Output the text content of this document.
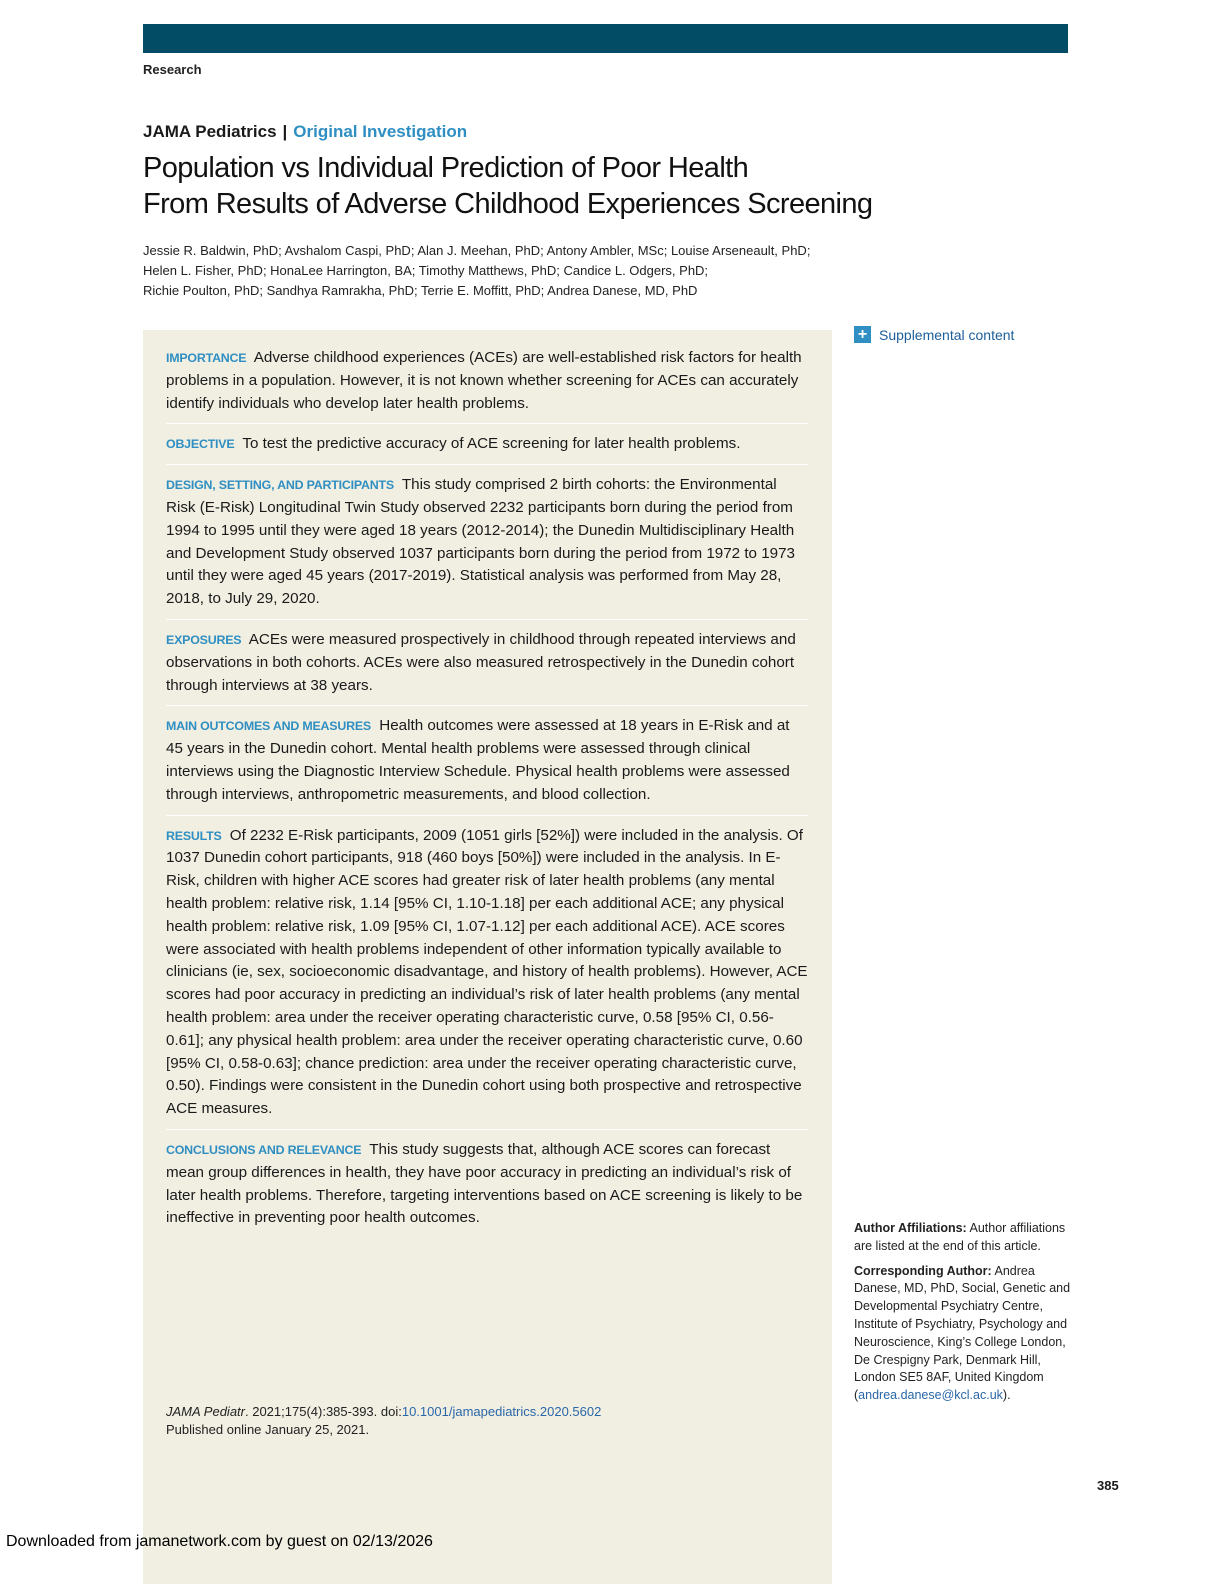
Research
JAMA Pediatrics | Original Investigation
Population vs Individual Prediction of Poor Health
From Results of Adverse Childhood Experiences Screening
Jessie R. Baldwin, PhD; Avshalom Caspi, PhD; Alan J. Meehan, PhD; Antony Ambler, MSc; Louise Arseneault, PhD;
Helen L. Fisher, PhD; HonaLee Harrington, BA; Timothy Matthews, PhD; Candice L. Odgers, PhD;
Richie Poulton, PhD; Sandhya Ramrakha, PhD; Terrie E. Moffitt, PhD; Andrea Danese, MD, PhD
IMPORTANCE Adverse childhood experiences (ACEs) are well-established risk factors for health problems in a population. However, it is not known whether screening for ACEs can accurately identify individuals who develop later health problems.
OBJECTIVE To test the predictive accuracy of ACE screening for later health problems.
DESIGN, SETTING, AND PARTICIPANTS This study comprised 2 birth cohorts: the Environmental Risk (E-Risk) Longitudinal Twin Study observed 2232 participants born during the period from 1994 to 1995 until they were aged 18 years (2012-2014); the Dunedin Multidisciplinary Health and Development Study observed 1037 participants born during the period from 1972 to 1973 until they were aged 45 years (2017-2019). Statistical analysis was performed from May 28, 2018, to July 29, 2020.
EXPOSURES ACEs were measured prospectively in childhood through repeated interviews and observations in both cohorts. ACEs were also measured retrospectively in the Dunedin cohort through interviews at 38 years.
MAIN OUTCOMES AND MEASURES Health outcomes were assessed at 18 years in E-Risk and at 45 years in the Dunedin cohort. Mental health problems were assessed through clinical interviews using the Diagnostic Interview Schedule. Physical health problems were assessed through interviews, anthropometric measurements, and blood collection.
RESULTS Of 2232 E-Risk participants, 2009 (1051 girls [52%]) were included in the analysis. Of 1037 Dunedin cohort participants, 918 (460 boys [50%]) were included in the analysis. In E-Risk, children with higher ACE scores had greater risk of later health problems (any mental health problem: relative risk, 1.14 [95% CI, 1.10-1.18] per each additional ACE; any physical health problem: relative risk, 1.09 [95% CI, 1.07-1.12] per each additional ACE). ACE scores were associated with health problems independent of other information typically available to clinicians (ie, sex, socioeconomic disadvantage, and history of health problems). However, ACE scores had poor accuracy in predicting an individual’s risk of later health problems (any mental health problem: area under the receiver operating characteristic curve, 0.58 [95% CI, 0.56-0.61]; any physical health problem: area under the receiver operating characteristic curve, 0.60 [95% CI, 0.58-0.63]; chance prediction: area under the receiver operating characteristic curve, 0.50). Findings were consistent in the Dunedin cohort using both prospective and retrospective ACE measures.
CONCLUSIONS AND RELEVANCE This study suggests that, although ACE scores can forecast mean group differences in health, they have poor accuracy in predicting an individual’s risk of later health problems. Therefore, targeting interventions based on ACE screening is likely to be ineffective in preventing poor health outcomes.
JAMA Pediatr. 2021;175(4):385-393. doi:10.1001/jamapediatrics.2020.5602
Published online January 25, 2021.
+ Supplemental content

Author Affiliations: Author affiliations are listed at the end of this article.

Corresponding Author: Andrea Danese, MD, PhD, Social, Genetic and Developmental Psychiatry Centre, Institute of Psychiatry, Psychology and Neuroscience, King’s College London, De Crespigny Park, Denmark Hill, London SE5 8AF, United Kingdom (andrea.danese@kcl.ac.uk).

385
Downloaded from jamanetwork.com by guest on 02/13/2026
